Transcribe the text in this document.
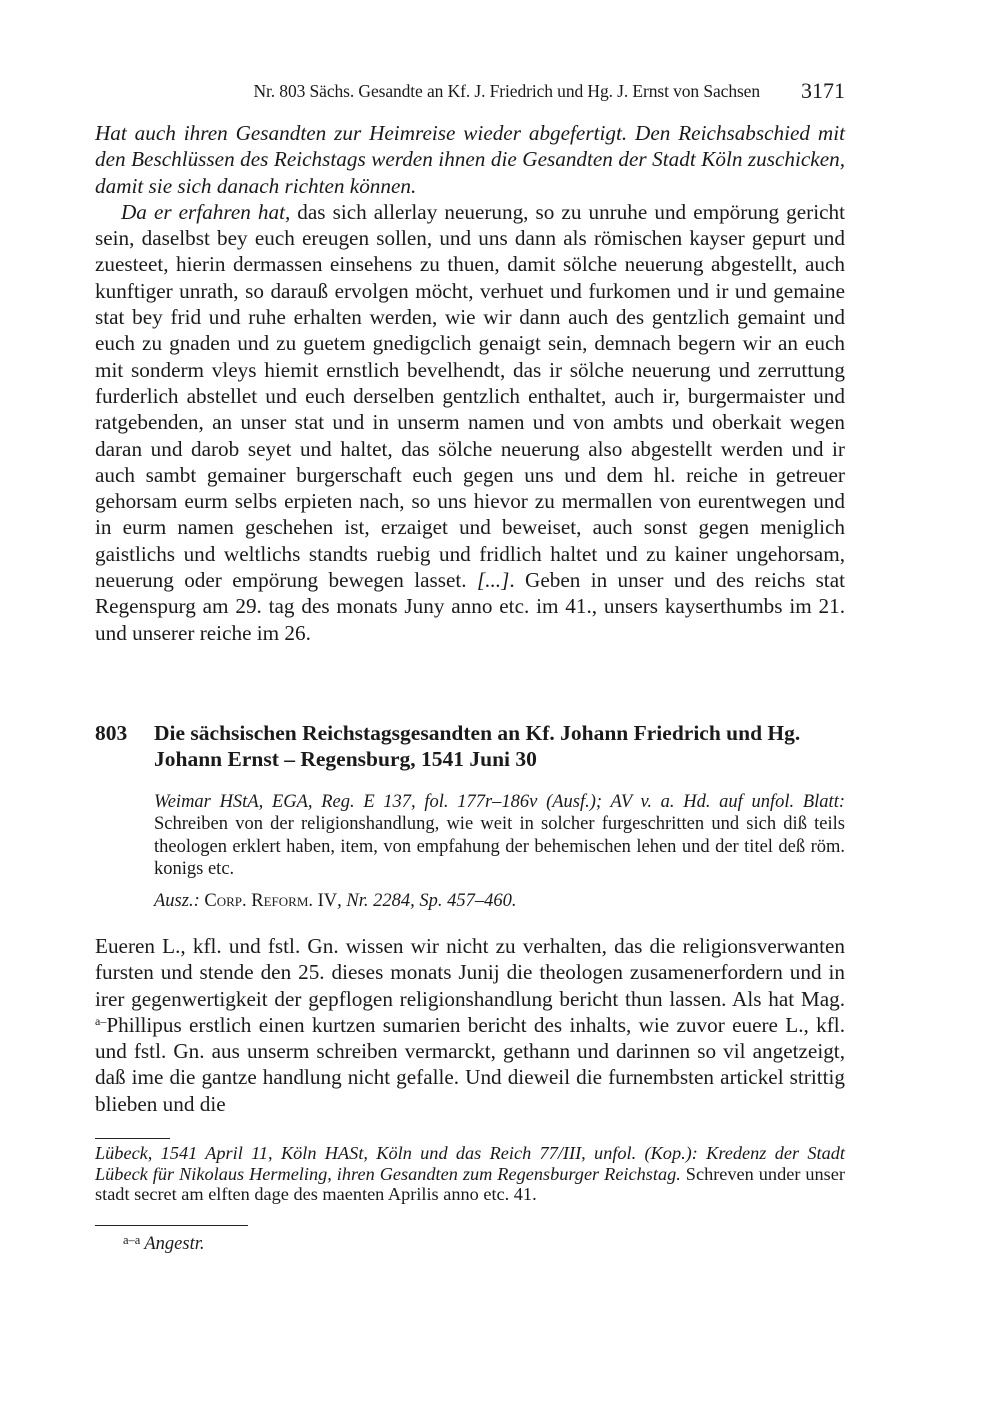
Nr. 803 Sächs. Gesandte an Kf. J. Friedrich und Hg. J. Ernst von Sachsen 3171

Hat auch ihren Gesandten zur Heimreise wieder abgefertigt. Den Reichsabschied mit den Beschlüssen des Reichstags werden ihnen die Gesandten der Stadt Köln zuschicken, damit sie sich danach richten können.

Da er erfahren hat, das sich allerlay neuerung, so zu unruhe und empörung gericht sein, daselbst bey euch ereugen sollen, und uns dann als römischen kayser gepurt und zuesteet, hierin dermassen einsehens zu thuen, damit sölche neuerung abgestellt, auch kunftiger unrath, so darauß ervolgen möcht, verhuet und furkomen und ir und gemaine stat bey frid und ruhe erhalten werden, wie wir dann auch des gentzlich gemaint und euch zu gnaden und zu guetem gnedigclich genaigt sein, demnach begern wir an euch mit sonderm vleys hiemit ernstlich bevelhendt, das ir sölche neuerung und zerruttung furderlich abstellet und euch derselben gentzlich enthaltet, auch ir, burgermaister und ratgebenden, an unser stat und in unserm namen und von ambts und oberkait wegen daran und darob seyet und haltet, das sölche neuerung also abgestellt werden und ir auch sambt gemainer burgerschaft euch gegen uns und dem hl. reiche in getreuer gehorsam eurm selbs erpieten nach, so uns hievor zu mermallen von eurentwegen und in eurm namen geschehen ist, erzaiget und beweiset, auch sonst gegen meniglich gaistlichs und weltlichs standts ruebig und fridlich haltet und zu kainer ungehorsam, neuerung oder empörung bewegen lasset. [...]. Geben in unser und des reichs stat Regenspurg am 29. tag des monats Juny anno etc. im 41., unsers kayserthumbs im 21. und unserer reiche im 26.

803 Die sächsischen Reichstagsgesandten an Kf. Johann Friedrich und Hg. Johann Ernst – Regensburg, 1541 Juni 30

Weimar HStA, EGA, Reg. E 137, fol. 177r–186v (Ausf.); AV v. a. Hd. auf unfol. Blatt: Schreiben von der religionshandlung, wie weit in solcher furgeschritten und sich diß teils theologen erklert haben, item, von empfahung der behemischen lehen und der titel deß röm. konigs etc.

Ausz.: Corp. Reform. IV, Nr. 2284, Sp. 457–460.

Eueren L., kfl. und fstl. Gn. wissen wir nicht zu verhalten, das die religionsverwanten fursten und stende den 25. dieses monats Junij die theologen zusamenerfordern und in irer gegenwertigkeit der gepflogen religionshandlung bericht thun lassen. Als hat Mag. $^{a-}$Phillipus erstlich einen kurtzen sumarien bericht des inhalts, wie zuvor euere L., kfl. und fstl. Gn. aus unserm schreiben vermarckt, gethann und darinnen so vil angetzeigt, daß ime die gantze handlung nicht gefalle. Und dieweil die furnembsten artickel strittig blieben und die

Lübeck, 1541 April 11, Köln HASt, Köln und das Reich 77/III, unfol. (Kop.): Kredenz der Stadt Lübeck für Nikolaus Hermeling, ihren Gesandten zum Regensburger Reichstag. Schreven under unser stadt secret am elften dage des maenten Aprilis anno etc. 41.

$^{a-a}$ Angestr.
